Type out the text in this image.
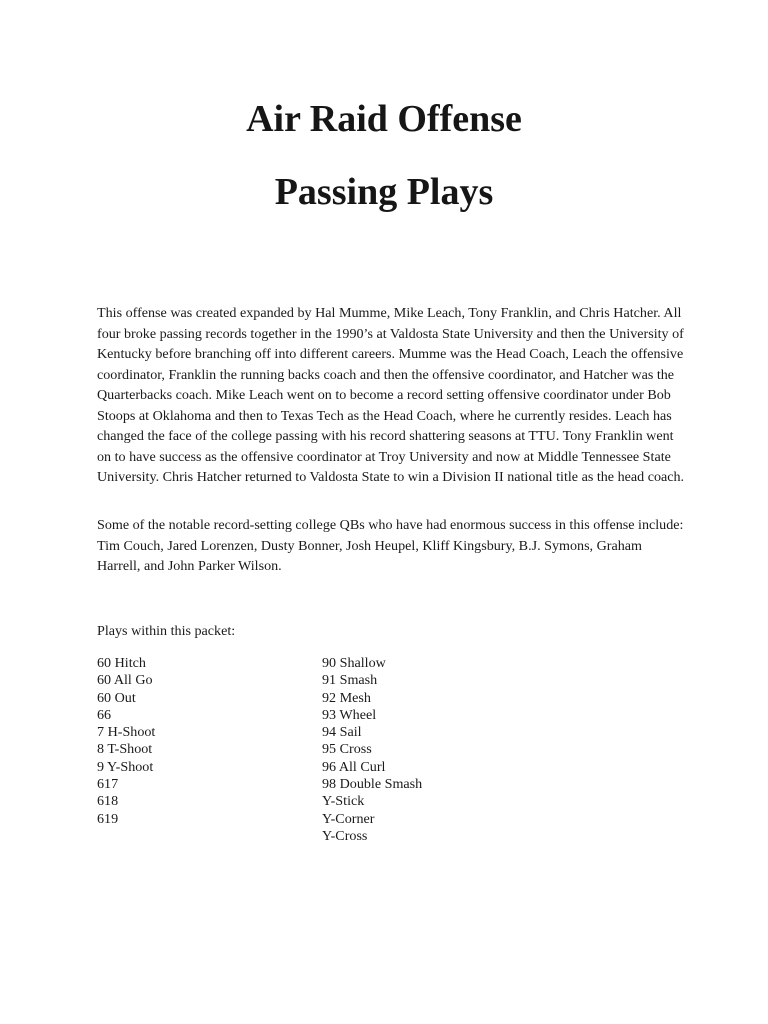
Air Raid Offense
Passing Plays

This offense was created expanded by Hal Mumme, Mike Leach, Tony Franklin, and Chris Hatcher. All four broke passing records together in the 1990’s at Valdosta State University and then the University of Kentucky before branching off into different careers. Mumme was the Head Coach, Leach the offensive coordinator, Franklin the running backs coach and then the offensive coordinator, and Hatcher was the Quarterbacks coach. Mike Leach went on to become a record setting offensive coordinator under Bob Stoops at Oklahoma and then to Texas Tech as the Head Coach, where he currently resides. Leach has changed the face of the college passing with his record shattering seasons at TTU. Tony Franklin went on to have success as the offensive coordinator at Troy University and now at Middle Tennessee State University. Chris Hatcher returned to Valdosta State to win a Division II national title as the head coach.

Some of the notable record-setting college QBs who have had enormous success in this offense include: Tim Couch, Jared Lorenzen, Dusty Bonner, Josh Heupel, Kliff Kingsbury, B.J. Symons, Graham Harrell, and John Parker Wilson.

Plays within this packet:

60 Hitch
60 All Go
60 Out
66
7 H-Shoot
8 T-Shoot
9 Y-Shoot
617
618
619
90 Shallow
91 Smash
92 Mesh
93 Wheel
94 Sail
95 Cross
96 All Curl
98 Double Smash
Y-Stick
Y-Corner
Y-Cross
